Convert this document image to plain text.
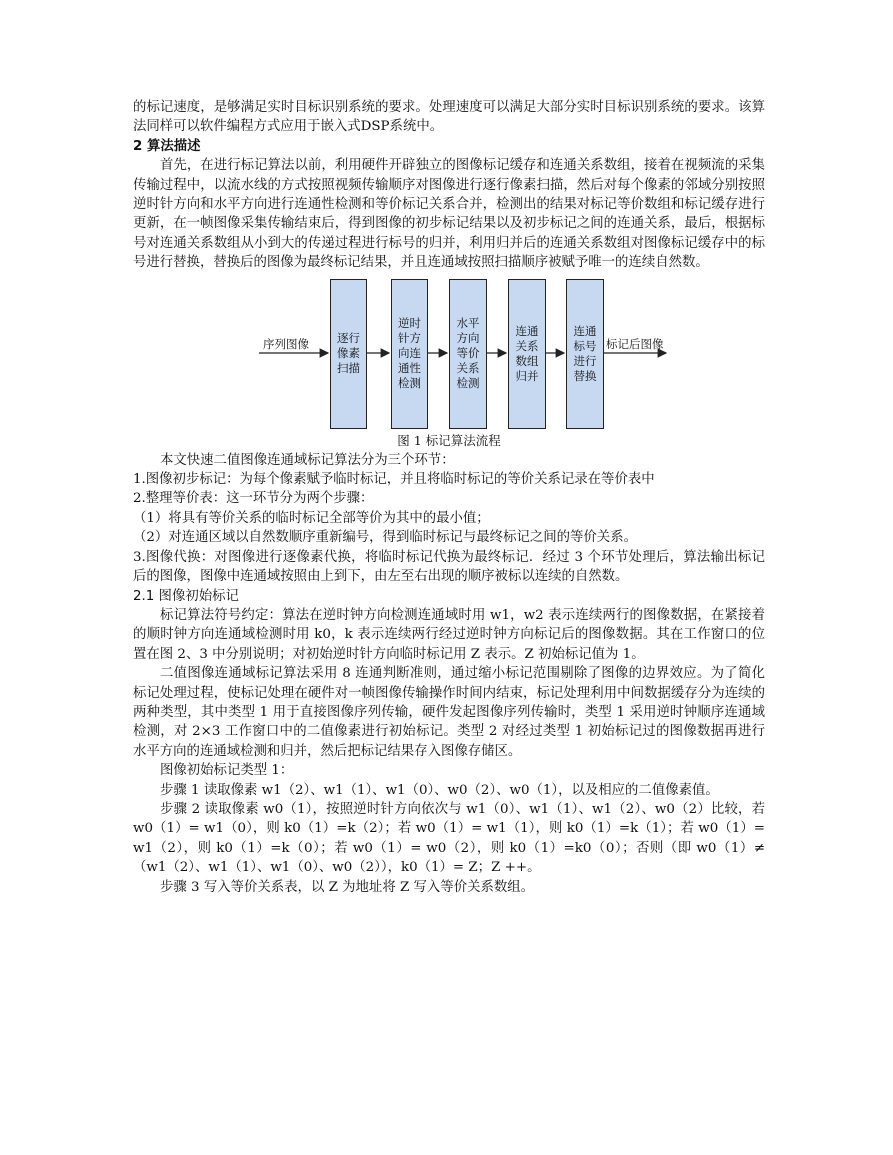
的标记速度，是够满足实时目标识别系统的要求。处理速度可以满足大部分实时目标识别系统的要求。该算法同样可以软件编程方式应用于嵌入式DSP系统中。

2 算法描述

首先，在进行标记算法以前，利用硬件开辟独立的图像标记缓存和连通关系数组，接着在视频流的采集传输过程中，以流水线的方式按照视频传输顺序对图像进行逐行像素扫描，然后对每个像素的邻域分别按照逆时针方向和水平方向进行连通性检测和等价标记关系合并，检测出的结果对标记等价数组和标记缓存进行更新，在一帧图像采集传输结束后，得到图像的初步标记结果以及初步标记之间的连通关系，最后，根据标号对连通关系数组从小到大的传递过程进行标号的归并，利用归并后的连通关系数组对图像标记缓存中的标号进行替换，替换后的图像为最终标记结果，并且连通域按照扫描顺序被赋予唯一的连续自然数。

序列图像	标记后图像
逐行像素扫描
逆时针方向连通性检测
水平方向等价关系检测
连通关系数组归并
连通标号进行替换
图 1 标记算法流程

本文快速二值图像连通域标记算法分为三个环节：

1.图像初步标记：为每个像素赋予临时标记，并且将临时标记的等价关系记录在等价表中

2.整理等价表：这一环节分为两个步骤：

（1）将具有等价关系的临时标记全部等价为其中的最小值；

（2）对连通区域以自然数顺序重新编号，得到临时标记与最终标记之间的等价关系。

3.图像代换：对图像进行逐像素代换，将临时标记代换为最终标记．经过 3 个环节处理后，算法输出标记后的图像，图像中连通域按照由上到下，由左至右出现的顺序被标以连续的自然数。

2.1 图像初始标记

标记算法符号约定：算法在逆时钟方向检测连通域时用 w1，w2 表示连续两行的图像数据，在紧接着的顺时钟方向连通域检测时用 k0，k 表示连续两行经过逆时钟方向标记后的图像数据。其在工作窗口的位置在图 2、3 中分别说明；对初始逆时针方向临时标记用 Z 表示。Z 初始标记值为 1。

二值图像连通域标记算法采用 8 连通判断准则，通过缩小标记范围剔除了图像的边界效应。为了简化标记处理过程，使标记处理在硬件对一帧图像传输操作时间内结束，标记处理利用中间数据缓存分为连续的两种类型，其中类型 1 用于直接图像序列传输，硬件发起图像序列传输时，类型 1 采用逆时钟顺序连通域检测，对 2×3 工作窗口中的二值像素进行初始标记。类型 2 对经过类型 1 初始标记过的图像数据再进行水平方向的连通域检测和归并，然后把标记结果存入图像存储区。

图像初始标记类型 1：

步骤 1 读取像素 w1（2）、w1（1）、w1（0）、w0（2）、w0（1），以及相应的二值像素值。

步骤 2 读取像素 w0（1），按照逆时针方向依次与 w1（0）、w1（1）、w1（2）、w0（2）比较，若 w0（1）= w1（0），则 k0（1）=k（2）；若 w0（1）= w1（1），则 k0（1）=k（1）；若 w0（1）= w1（2），则 k0（1）=k（0）；若 w0（1）= w0（2），则 k0（1）=k0（0）；否则（即 w0（1）≠（w1（2）、w1（1）、w1（0）、w0（2）），k0（1）= Z；Z ++。

步骤 3 写入等价关系表，以 Z 为地址将 Z 写入等价关系数组。
